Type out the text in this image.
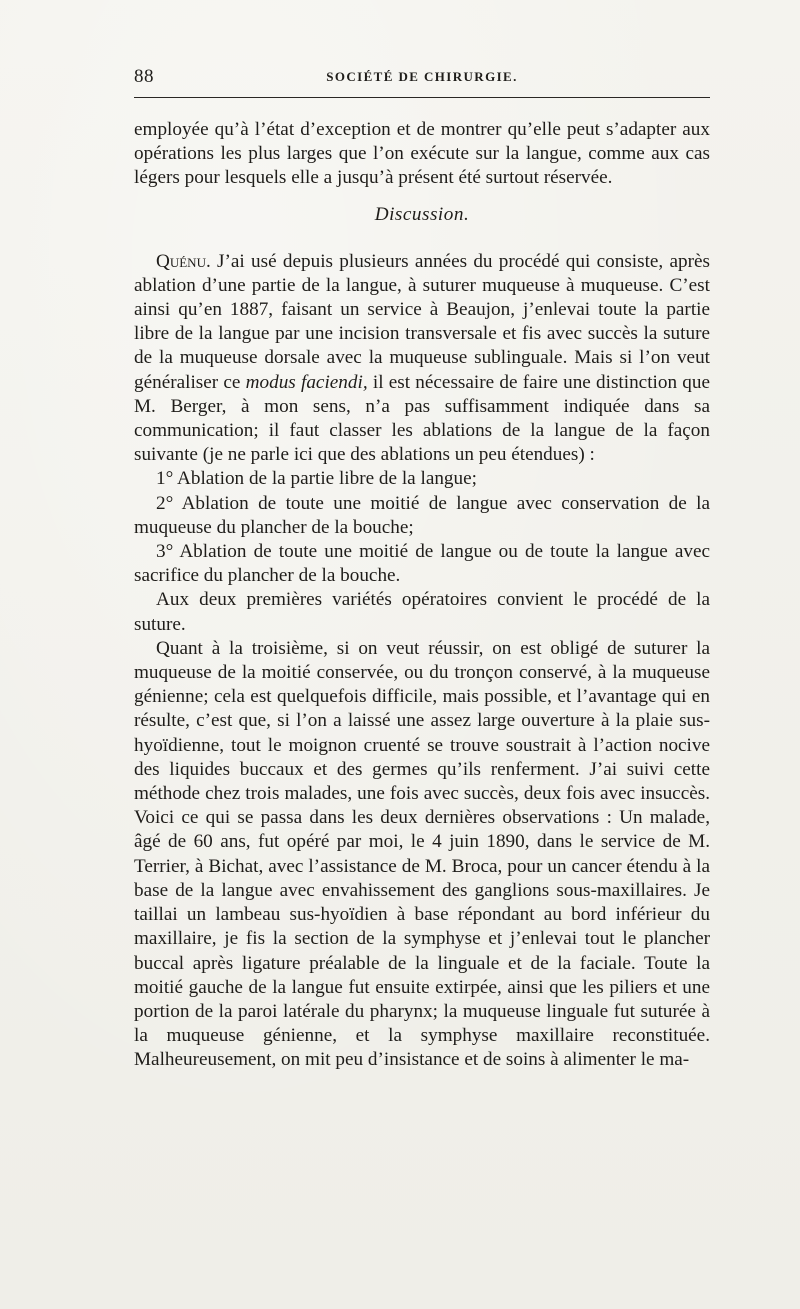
88	SOCIÉTÉ DE CHIRURGIE.

employée qu’à l’état d’exception et de montrer qu’elle peut s’adapter aux opérations les plus larges que l’on exécute sur la langue, comme aux cas légers pour lesquels elle a jusqu’à présent été surtout réservée.

Discussion.

Quénu. J’ai usé depuis plusieurs années du procédé qui consiste, après ablation d’une partie de la langue, à suturer muqueuse à muqueuse. C’est ainsi qu’en 1887, faisant un service à Beaujon, j’enlevai toute la partie libre de la langue par une incision transversale et fis avec succès la suture de la muqueuse dorsale avec la muqueuse sublinguale. Mais si l’on veut généraliser ce modus faciendi, il est nécessaire de faire une distinction que M. Berger, à mon sens, n’a pas suffisamment indiquée dans sa communication; il faut classer les ablations de la langue de la façon suivante (je ne parle ici que des ablations un peu étendues) :

1° Ablation de la partie libre de la langue;

2° Ablation de toute une moitié de langue avec conservation de la muqueuse du plancher de la bouche;

3° Ablation de toute une moitié de langue ou de toute la langue avec sacrifice du plancher de la bouche.

Aux deux premières variétés opératoires convient le procédé de la suture.

Quant à la troisième, si on veut réussir, on est obligé de suturer la muqueuse de la moitié conservée, ou du tronçon conservé, à la muqueuse génienne; cela est quelquefois difficile, mais possible, et l’avantage qui en résulte, c’est que, si l’on a laissé une assez large ouverture à la plaie sus-hyoïdienne, tout le moignon cruenté se trouve soustrait à l’action nocive des liquides buccaux et des germes qu’ils renferment. J’ai suivi cette méthode chez trois malades, une fois avec succès, deux fois avec insuccès. Voici ce qui se passa dans les deux dernières observations : Un malade, âgé de 60 ans, fut opéré par moi, le 4 juin 1890, dans le service de M. Terrier, à Bichat, avec l’assistance de M. Broca, pour un cancer étendu à la base de la langue avec envahissement des ganglions sous-maxillaires. Je taillai un lambeau sus-hyoïdien à base répondant au bord inférieur du maxillaire, je fis la section de la symphyse et j’enlevai tout le plancher buccal après ligature préalable de la linguale et de la faciale. Toute la moitié gauche de la langue fut ensuite extirpée, ainsi que les piliers et une portion de la paroi latérale du pharynx; la muqueuse linguale fut suturée à la muqueuse génienne, et la symphyse maxillaire reconstituée. Malheureusement, on mit peu d’insistance et de soins à alimenter le ma-
